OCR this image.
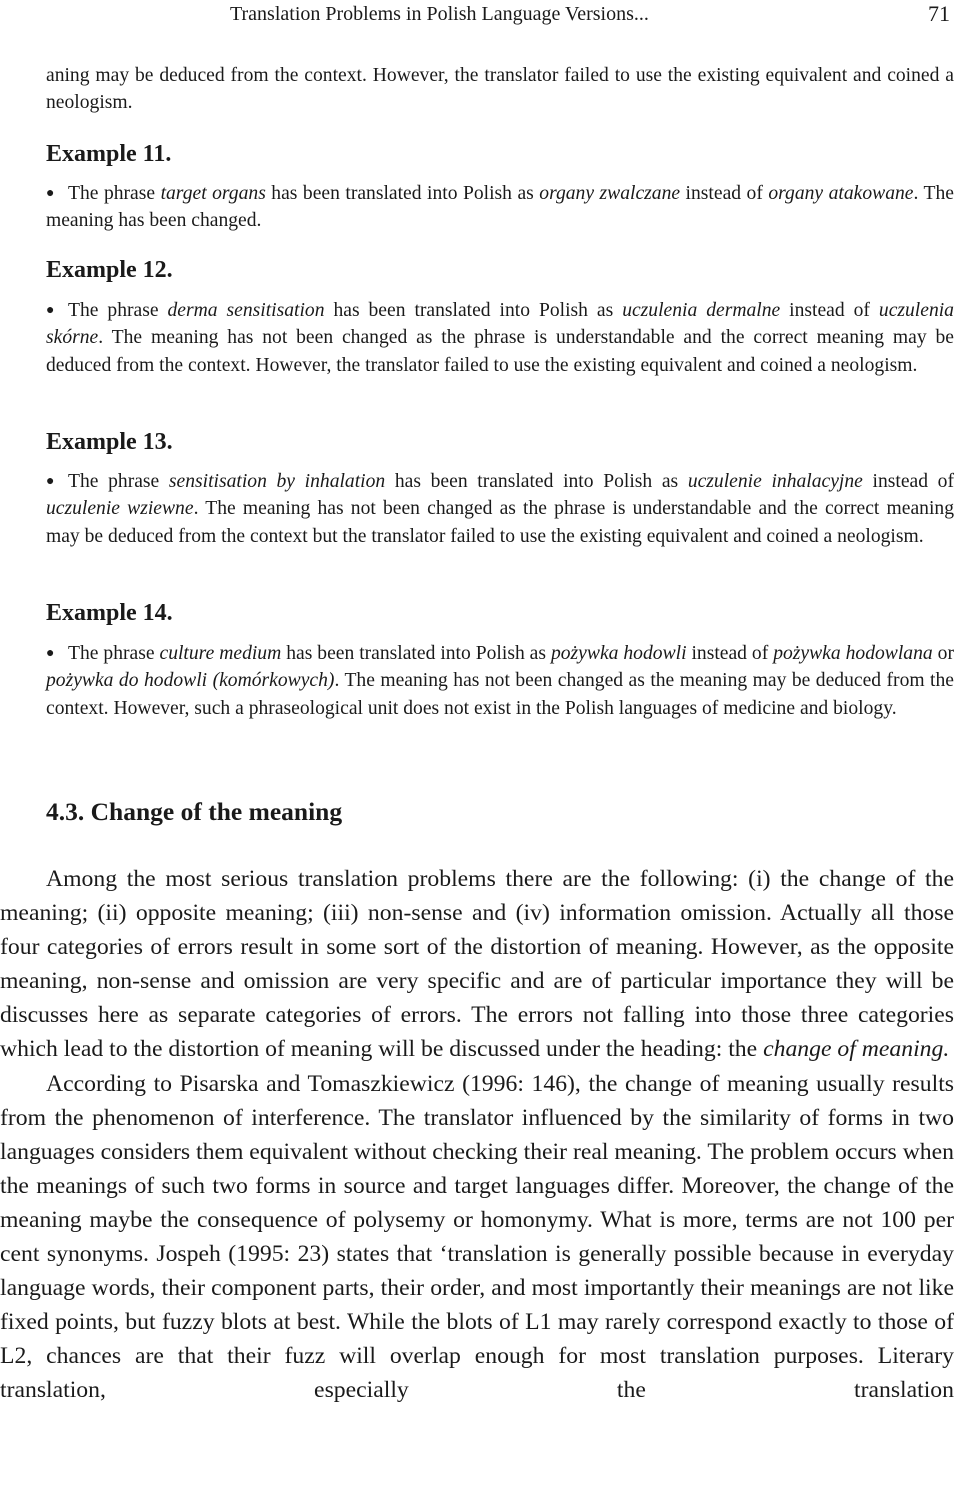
Translation Problems in Polish Language Versions...	71

aning may be deduced from the context. However, the translator failed to use the existing equivalent and coined a neologism.

Example 11.

● The phrase target organs has been translated into Polish as organy zwalczane instead of organy atakowane. The meaning has been changed.

Example 12.

● The phrase derma sensitisation has been translated into Polish as uczulenia dermalne instead of uczulenia skórne. The meaning has not been changed as the phrase is understandable and the correct meaning may be deduced from the context. However, the translator failed to use the existing equivalent and coined a neologism.

Example 13.

● The phrase sensitisation by inhalation has been translated into Polish as uczulenie inhalacyjne instead of uczulenie wziewne. The meaning has not been changed as the phrase is understandable and the correct meaning may be deduced from the context but the translator failed to use the existing equivalent and coined a neologism.

Example 14.

● The phrase culture medium has been translated into Polish as pożywka hodowli instead of pożywka hodowlana or pożywka do hodowli (komórkowych). The meaning has not been changed as the meaning may be deduced from the context. However, such a phraseological unit does not exist in the Polish languages of medicine and biology.

4.3. Change of the meaning

Among the most serious translation problems there are the following: (i) the change of the meaning; (ii) opposite meaning; (iii) non-sense and (iv) information omission. Actually all those four categories of errors result in some sort of the distortion of meaning. However, as the opposite meaning, non-sense and omission are very specific and are of particular importance they will be discusses here as separate categories of errors. The errors not falling into those three categories which lead to the distortion of meaning will be discussed under the heading: the change of meaning.

According to Pisarska and Tomaszkiewicz (1996: 146), the change of meaning usually results from the phenomenon of interference. The translator influenced by the similarity of forms in two languages considers them equivalent without checking their real meaning. The problem occurs when the meanings of such two forms in source and target languages differ. Moreover, the change of the meaning maybe the consequence of polysemy or homonymy. What is more, terms are not 100 per cent synonyms. Jospeh (1995: 23) states that ‘translation is generally possible because in everyday language words, their component parts, their order, and most importantly their meanings are not like fixed points, but fuzzy blots at best. While the blots of L1 may rarely correspond exactly to those of L2, chances are that their fuzz will overlap enough for most translation purposes. Literary translation, especially the translation
